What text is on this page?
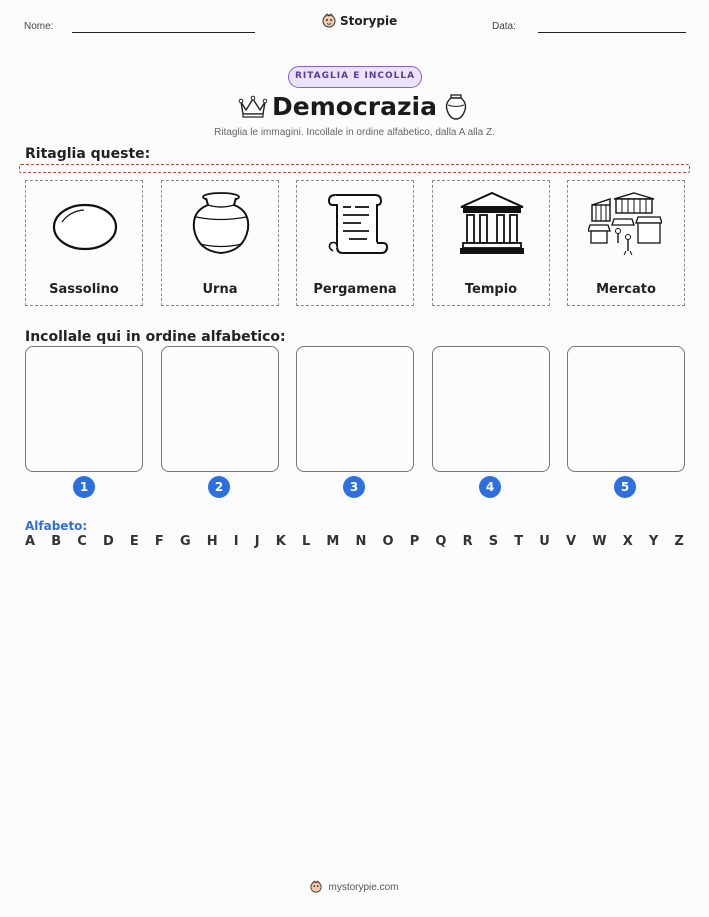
Nome:	Storypie	Data:
RITAGLIA E INCOLLA
Democrazia
Ritaglia le immagini. Incollale in ordine alfabetico, dalla A alla Z.
Ritaglia queste:
Sassolino	Urna	Pergamena	Tempio	Mercato
Incollale qui in ordine alfabetico:
1	2	3	4	5
Alfabeto:
A B C D E F G H I J K L M N O P Q R S T U V W X Y Z
mystorypie.com
